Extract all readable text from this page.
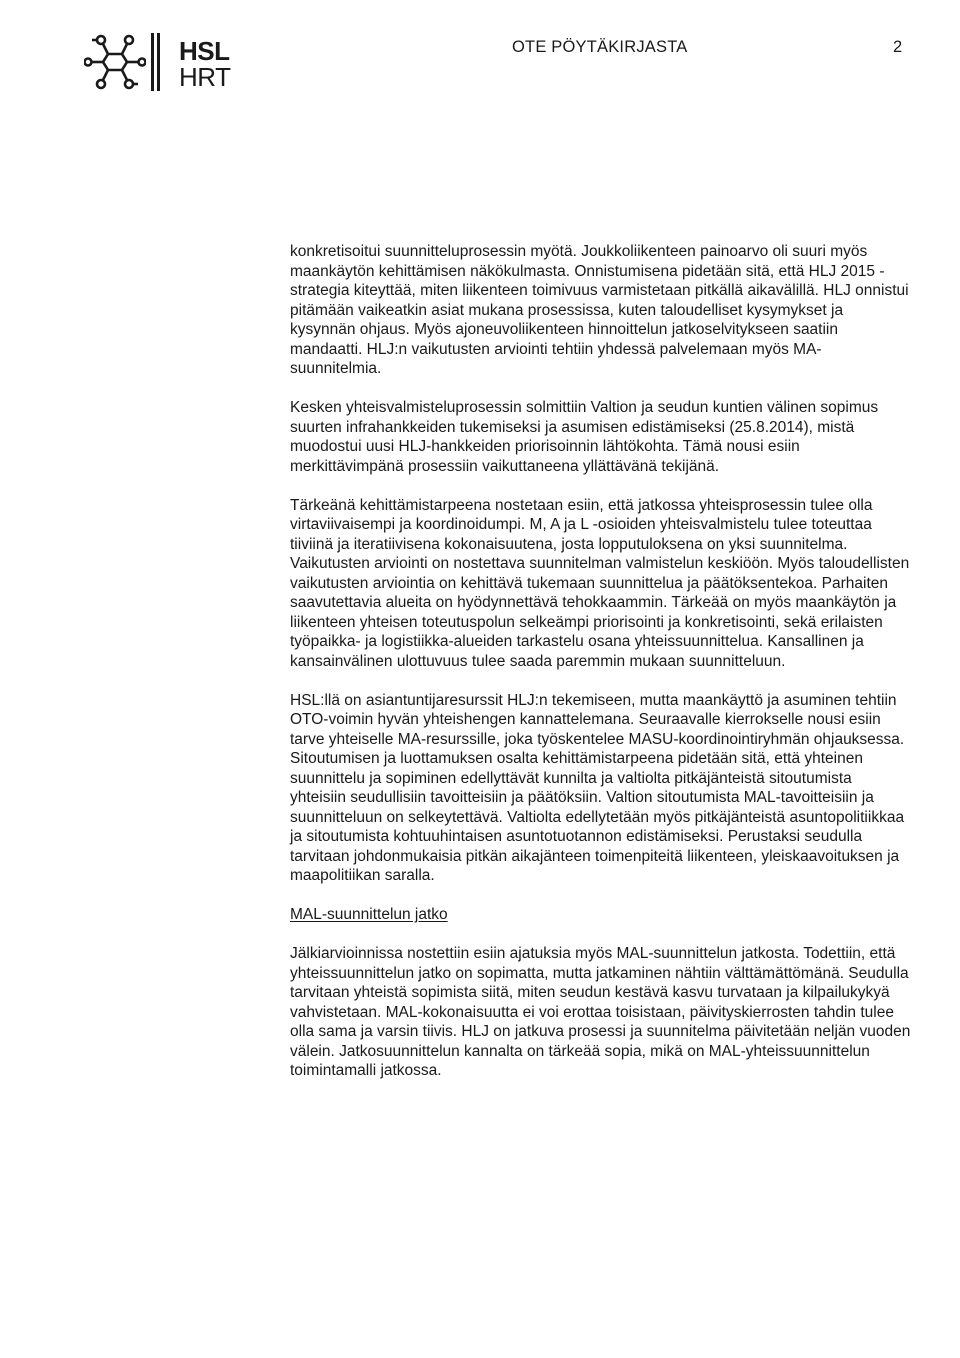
HSL
HRT
OTE PÖYTÄKIRJASTA	2

konkretisoitui suunnitteluprosessin myötä. Joukkoliikenteen painoarvo oli suuri myös maankäytön kehittämisen näkökulmasta. Onnistumisena pidetään sitä, että HLJ 2015 -strategia kiteyttää, miten liikenteen toimivuus varmistetaan pitkällä aikavälillä. HLJ onnistui pitämään vaikeatkin asiat mukana prosessissa, kuten taloudelliset kysymykset ja kysynnän ohjaus. Myös ajoneuvoliikenteen hinnoittelun jatkoselvitykseen saatiin mandaatti. HLJ:n vaikutusten arviointi tehtiin yhdessä palvelemaan myös MA-suunnitelmia.

Kesken yhteisvalmisteluprosessin solmittiin Valtion ja seudun kuntien välinen sopimus suurten infrahankkeiden tukemiseksi ja asumisen edistämiseksi (25.8.2014), mistä muodostui uusi HLJ-hankkeiden priorisoinnin lähtökohta. Tämä nousi esiin merkittävimpänä prosessiin vaikuttaneena yllättävänä tekijänä.

Tärkeänä kehittämistarpeena nostetaan esiin, että jatkossa yhteisprosessin tulee olla virtaviivaisempi ja koordinoidumpi. M, A ja L -osioiden yhteisvalmistelu tulee toteuttaa tiiviinä ja iteratiivisena kokonaisuutena, josta lopputuloksena on yksi suunnitelma. Vaikutusten arviointi on nostettava suunnitelman valmistelun keskiöön. Myös taloudellisten vaikutusten arviointia on kehittävä tukemaan suunnittelua ja päätöksentekoa. Parhaiten saavutettavia alueita on hyödynnettävä tehokkaammin. Tärkeää on myös maankäytön ja liikenteen yhteisen toteutuspolun selkeämpi priorisointi ja konkretisointi, sekä erilaisten työpaikka- ja logistiikka-alueiden tarkastelu osana yhteissuunnittelua. Kansallinen ja kansainvälinen ulottuvuus tulee saada paremmin mukaan suunnitteluun.

HSL:llä on asiantuntijaresurssit HLJ:n tekemiseen, mutta maankäyttö ja asuminen tehtiin OTO-voimin hyvän yhteishengen kannattelemana. Seuraavalle kierrokselle nousi esiin tarve yhteiselle MA-resurssille, joka työskentelee MASU-koordinointiryhmän ohjauksessa. Sitoutumisen ja luottamuksen osalta kehittämistarpeena pidetään sitä, että yhteinen suunnittelu ja sopiminen edellyttävät kunnilta ja valtiolta pitkäjänteistä sitoutumista yhteisiin seudullisiin tavoitteisiin ja päätöksiin. Valtion sitoutumista MAL-tavoitteisiin ja suunnitteluun on selkeytettävä. Valtiolta edellytetään myös pitkäjänteistä asuntopolitiikkaa ja sitoutumista kohtuuhintaisen asuntotuotannon edistämiseksi. Perustaksi seudulla tarvitaan johdonmukaisia pitkän aikajänteen toimenpiteitä liikenteen, yleiskaavoituksen ja maapolitiikan saralla.

MAL-suunnittelun jatko

Jälkiarvioinnissa nostettiin esiin ajatuksia myös MAL-suunnittelun jatkosta. Todettiin, että yhteissuunnittelun jatko on sopimatta, mutta jatkaminen nähtiin välttämättömänä. Seudulla tarvitaan yhteistä sopimista siitä, miten seudun kestävä kasvu turvataan ja kilpailukykyä vahvistetaan. MAL-kokonaisuutta ei voi erottaa toisistaan, päivityskierrosten tahdin tulee olla sama ja varsin tiivis. HLJ on jatkuva prosessi ja suunnitelma päivitetään neljän vuoden välein. Jatkosuunnittelun kannalta on tärkeää sopia, mikä on MAL-yhteissuunnittelun toimintamalli jatkossa.
